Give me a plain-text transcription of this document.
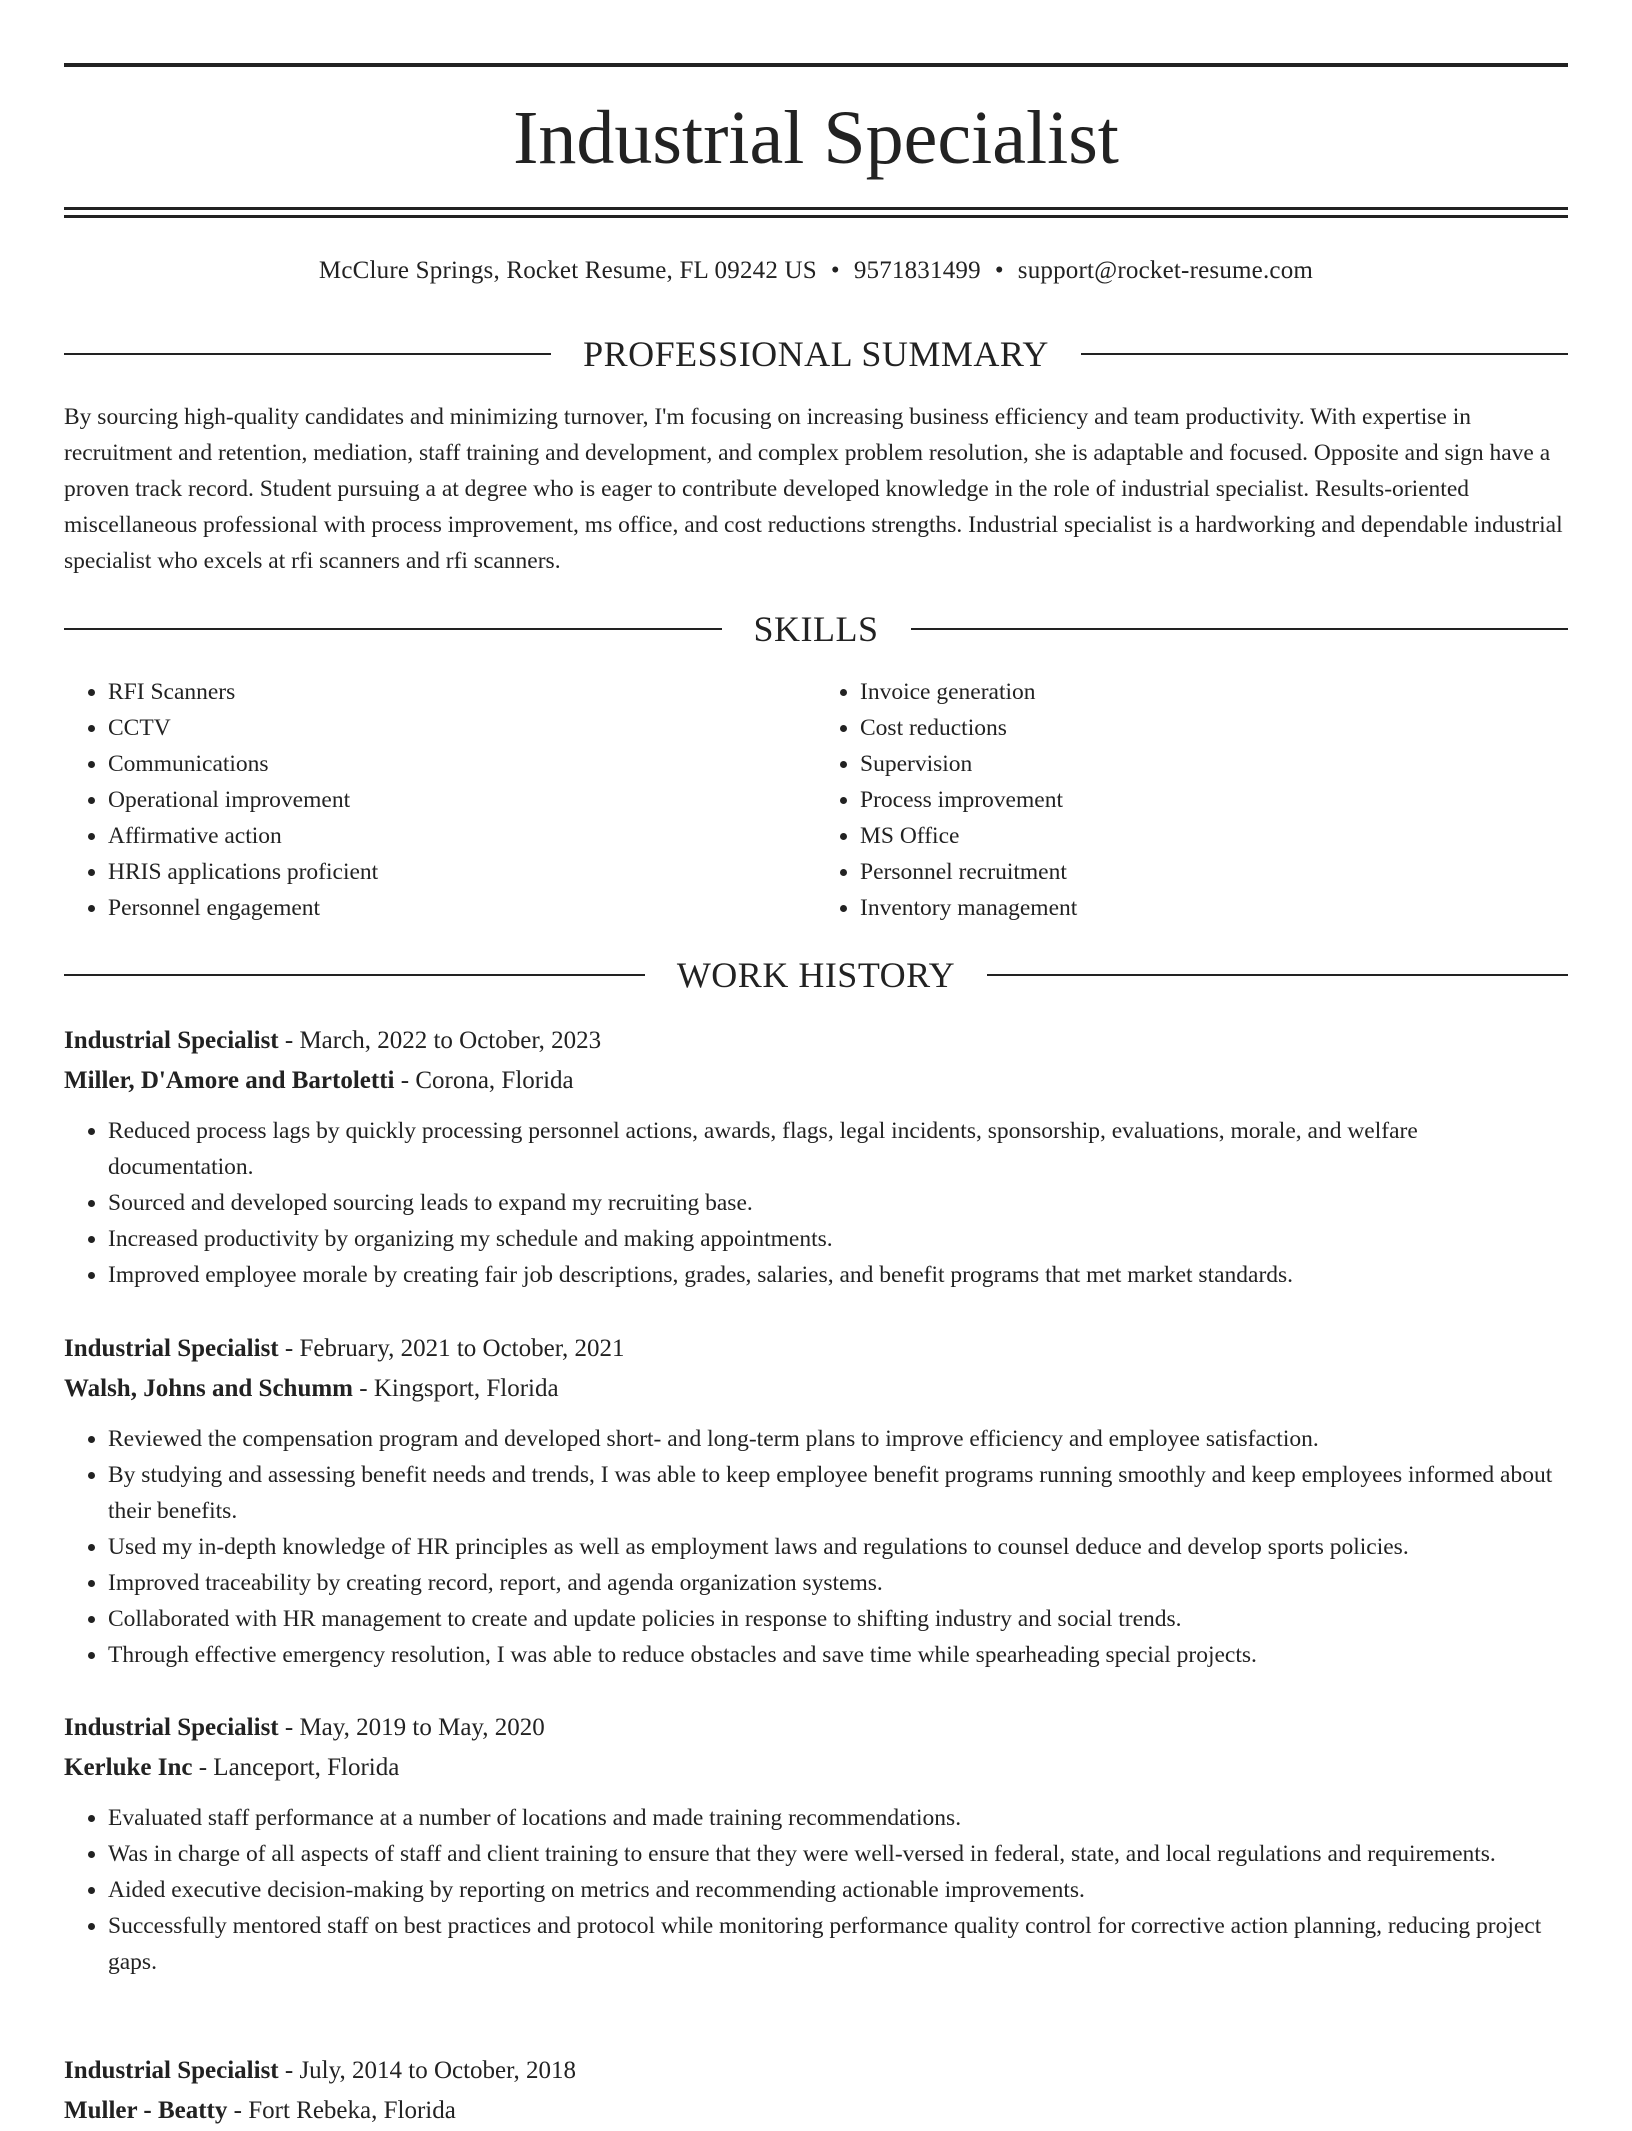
Industrial Specialist
McClure Springs, Rocket Resume, FL 09242 US • 9571831499 • support@rocket-resume.com
PROFESSIONAL SUMMARY

By sourcing high-quality candidates and minimizing turnover, I'm focusing on increasing business efficiency and team productivity. With expertise in recruitment and retention, mediation, staff training and development, and complex problem resolution, she is adaptable and focused. Opposite and sign have a proven track record. Student pursuing a at degree who is eager to contribute developed knowledge in the role of industrial specialist. Results-oriented miscellaneous professional with process improvement, ms office, and cost reductions strengths. Industrial specialist is a hardworking and dependable industrial specialist who excels at rfi scanners and rfi scanners.

SKILLS
• RFI Scanners
• CCTV
• Communications
• Operational improvement
• Affirmative action
• HRIS applications proficient
• Personnel engagement
• Invoice generation
• Cost reductions
• Supervision
• Process improvement
• MS Office
• Personnel recruitment
• Inventory management
WORK HISTORY
Industrial Specialist - March, 2022 to October, 2023
Miller, D'Amore and Bartoletti - Corona, Florida
• Reduced process lags by quickly processing personnel actions, awards, flags, legal incidents, sponsorship, evaluations, morale, and welfare documentation.
• Sourced and developed sourcing leads to expand my recruiting base.
• Increased productivity by organizing my schedule and making appointments.
• Improved employee morale by creating fair job descriptions, grades, salaries, and benefit programs that met market standards.
Industrial Specialist - February, 2021 to October, 2021
Walsh, Johns and Schumm - Kingsport, Florida
• Reviewed the compensation program and developed short- and long-term plans to improve efficiency and employee satisfaction.
• By studying and assessing benefit needs and trends, I was able to keep employee benefit programs running smoothly and keep employees informed about their benefits.
• Used my in-depth knowledge of HR principles as well as employment laws and regulations to counsel deduce and develop sports policies.
• Improved traceability by creating record, report, and agenda organization systems.
• Collaborated with HR management to create and update policies in response to shifting industry and social trends.
• Through effective emergency resolution, I was able to reduce obstacles and save time while spearheading special projects.
Industrial Specialist - May, 2019 to May, 2020
Kerluke Inc - Lanceport, Florida
• Evaluated staff performance at a number of locations and made training recommendations.
• Was in charge of all aspects of staff and client training to ensure that they were well-versed in federal, state, and local regulations and requirements.
• Aided executive decision-making by reporting on metrics and recommending actionable improvements.
• Successfully mentored staff on best practices and protocol while monitoring performance quality control for corrective action planning, reducing project gaps.
Industrial Specialist - July, 2014 to October, 2018
Muller - Beatty - Fort Rebeka, Florida
